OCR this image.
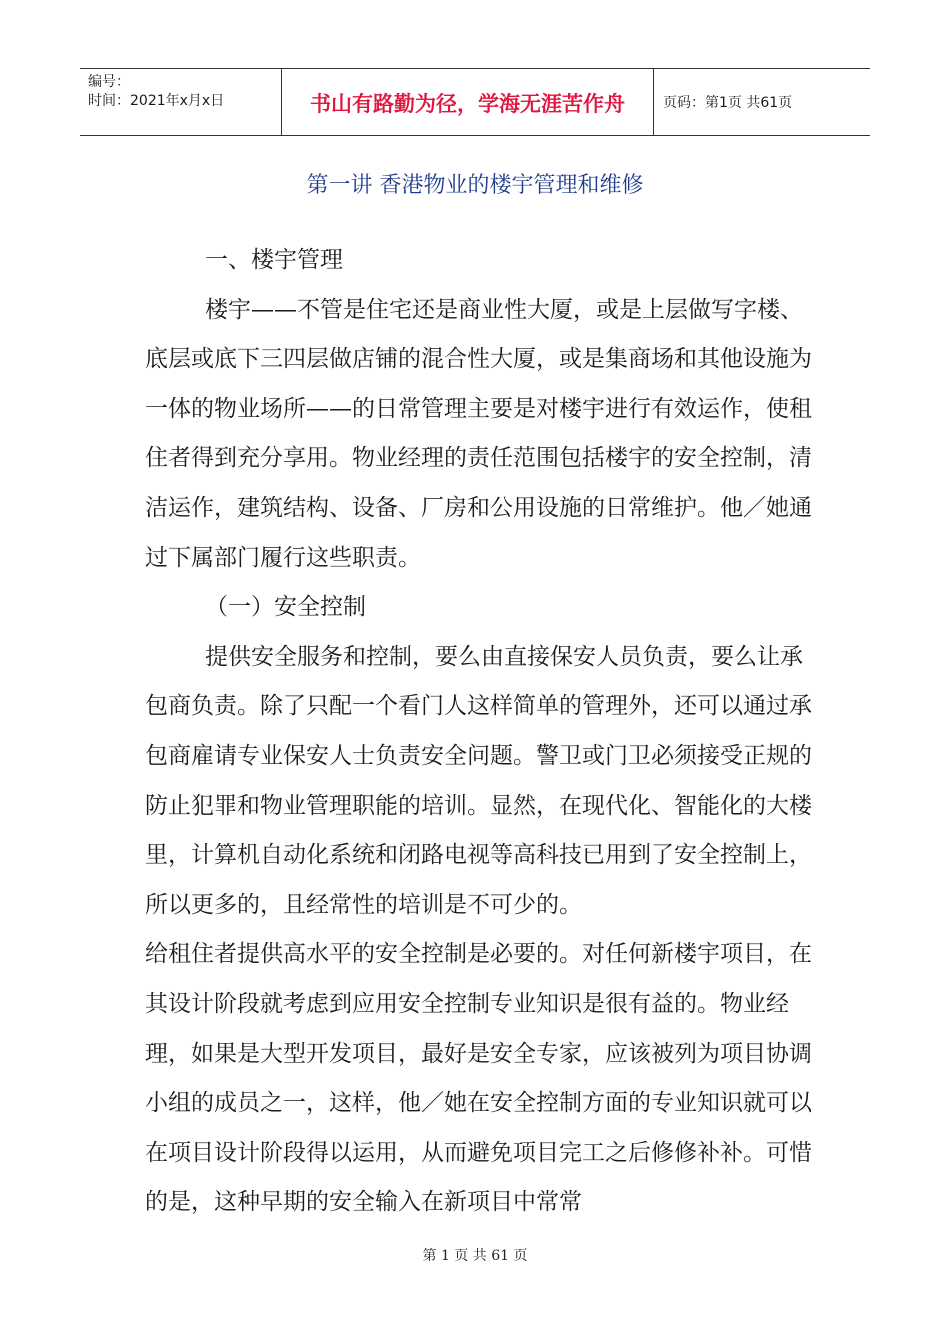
编号：
时间：2021年x月x日	书山有路勤为径，学海无涯苦作舟	页码：第1页 共61页
第一讲 香港物业的楼宇管理和维修

一、楼宇管理

楼宇——不管是住宅还是商业性大厦，或是上层做写字楼、底层或底下三四层做店铺的混合性大厦，或是集商场和其他设施为一体的物业场所——的日常管理主要是对楼宇进行有效运作，使租住者得到充分享用。物业经理的责任范围包括楼宇的安全控制，清洁运作，建筑结构、设备、厂房和公用设施的日常维护。他／她通过下属部门履行这些职责。

（一）安全控制

提供安全服务和控制，要么由直接保安人员负责，要么让承包商负责。除了只配一个看门人这样简单的管理外，还可以通过承包商雇请专业保安人士负责安全问题。警卫或门卫必须接受正规的防止犯罪和物业管理职能的培训。显然，在现代化、智能化的大楼里，计算机自动化系统和闭路电视等高科技已用到了安全控制上，所以更多的，且经常性的培训是不可少的。

给租住者提供高水平的安全控制是必要的。对任何新楼宇项目，在其设计阶段就考虑到应用安全控制专业知识是很有益的。物业经理，如果是大型开发项目，最好是安全专家，应该被列为项目协调小组的成员之一，这样，他／她在安全控制方面的专业知识就可以在项目设计阶段得以运用，从而避免项目完工之后修修补补。可惜的是，这种早期的安全输入在新项目中常常

第 1 页 共 61 页
